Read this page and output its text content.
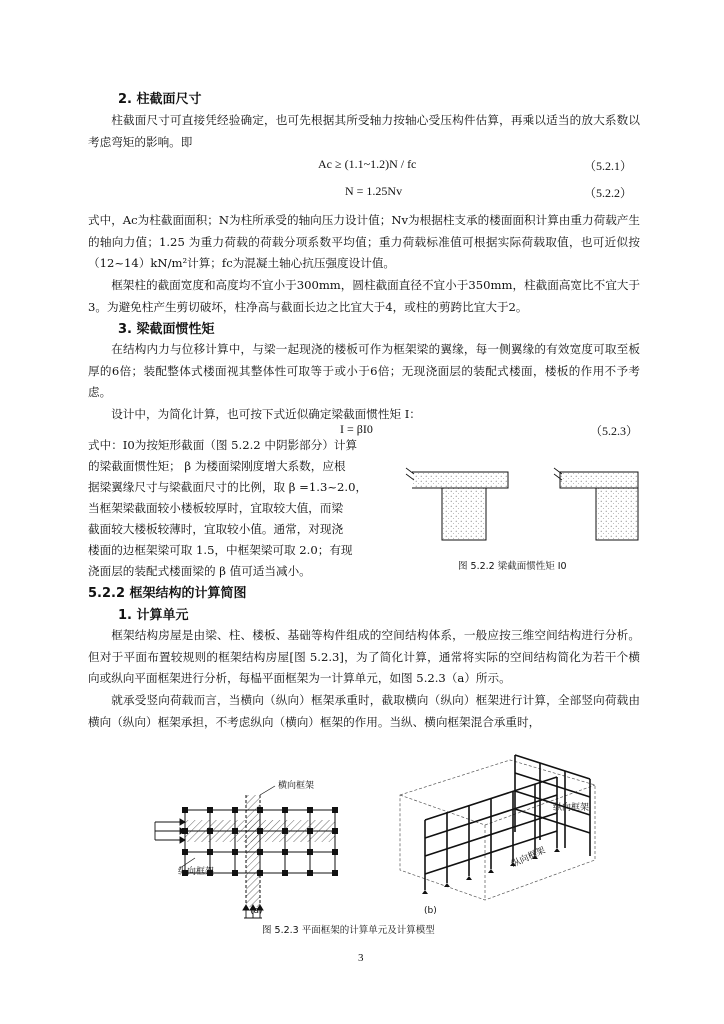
2. 柱截面尺寸
柱截面尺寸可直接凭经验确定，也可先根据其所受轴力按轴心受压构件估算，再乘以适当的放大系数以考虑弯矩的影响。即
Ac ≥ (1.1~1.2)N / fc	（5.2.1）
N = 1.25Nv	（5.2.2）
式中，Ac为柱截面面积；N为柱所承受的轴向压力设计值；Nv为根据柱支承的楼面面积计算由重力荷载产生的轴向力值；1.25 为重力荷载的荷载分项系数平均值；重力荷载标准值可根据实际荷载取值，也可近似按（12~14）kN/m²计算；fc为混凝土轴心抗压强度设计值。
框架柱的截面宽度和高度均不宜小于300mm，圆柱截面直径不宜小于350mm，柱截面高宽比不宜大于3。为避免柱产生剪切破坏，柱净高与截面长边之比宜大于4，或柱的剪跨比宜大于2。
3. 梁截面惯性矩
在结构内力与位移计算中，与梁一起现浇的楼板可作为框架梁的翼缘，每一侧翼缘的有效宽度可取至板厚的6倍；装配整体式楼面视其整体性可取等于或小于6倍；无现浇面层的装配式楼面，楼板的作用不予考虑。
设计中，为简化计算，也可按下式近似确定梁截面惯性矩 I：
I = βI0	（5.2.3）
式中：I0为按矩形截面（图 5.2.2 中阴影部分）计算
的梁截面惯性矩； β 为楼面梁刚度增大系数，应根
据梁翼缘尺寸与梁截面尺寸的比例，取 β =1.3~2.0，
当框架梁截面较小楼板较厚时，宜取较大值，而梁
截面较大楼板较薄时，宜取较小值。通常，对现浇
楼面的边框架梁可取 1.5，中框架梁可取 2.0；有现
浇面层的装配式楼面梁的 β 值可适当减小。	图 5.2.2 梁截面惯性矩 I0
5.2.2 框架结构的计算简图
1. 计算单元
框架结构房屋是由梁、柱、楼板、基础等构件组成的空间结构体系，一般应按三维空间结构进行分析。但对于平面布置较规则的框架结构房屋[图 5.2.3]，为了简化计算，通常将实际的空间结构简化为若干个横向或纵向平面框架进行分析，每榀平面框架为一计算单元，如图 5.2.3（a）所示。
就承受竖向荷载而言，当横向（纵向）框架承重时，截取横向（纵向）框架进行计算，全部竖向荷载由横向（纵向）框架承担，不考虑纵向（横向）框架的作用。当纵、横向框架混合承重时，
横向框架
纵向框架
(a)
纵向框架
纵向框架
(b)
图 5.2.3 平面框架的计算单元及计算模型
3
